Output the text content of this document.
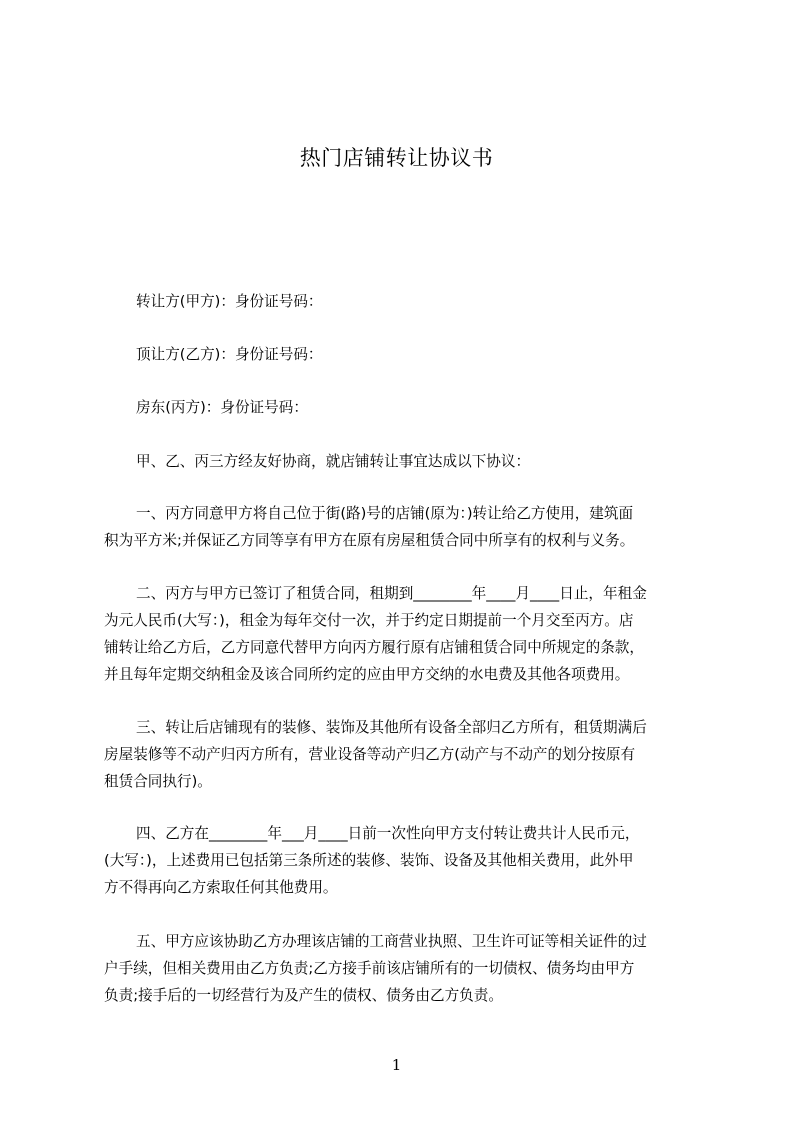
热门店铺转让协议书
转让方(甲方)：身份证号码：
顶让方(乙方)：身份证号码：
房东(丙方)：身份证号码：
甲、乙、丙三方经友好协商，就店铺转让事宜达成以下协议：
一、丙方同意甲方将自己位于街(路)号的店铺(原为：)转让给乙方使用，建筑面
积为平方米;并保证乙方同等享有甲方在原有房屋租赁合同中所享有的权利与义务。
二、丙方与甲方已签订了租赁合同，租期到________年____月____日止，年租金
为元人民币(大写：)，租金为每年交付一次，并于约定日期提前一个月交至丙方。店
铺转让给乙方后，乙方同意代替甲方向丙方履行原有店铺租赁合同中所规定的条款，
并且每年定期交纳租金及该合同所约定的应由甲方交纳的水电费及其他各项费用。
三、转让后店铺现有的装修、装饰及其他所有设备全部归乙方所有，租赁期满后
房屋装修等不动产归丙方所有，营业设备等动产归乙方(动产与不动产的划分按原有
租赁合同执行)。
四、乙方在________年___月____日前一次性向甲方支付转让费共计人民币元，
(大写：)，上述费用已包括第三条所述的装修、装饰、设备及其他相关费用，此外甲
方不得再向乙方索取任何其他费用。
五、甲方应该协助乙方办理该店铺的工商营业执照、卫生许可证等相关证件的过
户手续，但相关费用由乙方负责;乙方接手前该店铺所有的一切债权、债务均由甲方
负责;接手后的一切经营行为及产生的债权、债务由乙方负责。
1
